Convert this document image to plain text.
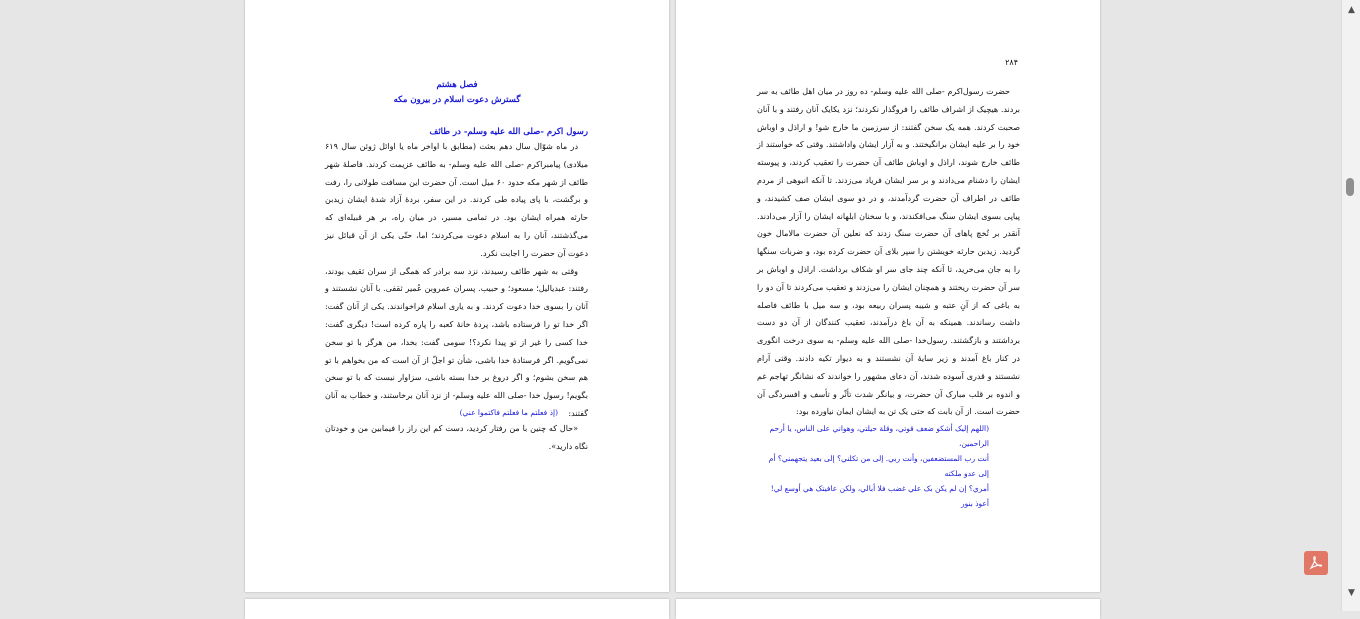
فصل هشتم
گسترش دعوت اسلام در بیرون مکه
رسول اکرم -صلی الله علیه وسلم- در طائف

در ماه شوّال سال دهم بعثت (مطابق با اواخر ماه یا اوائل ژوئن سال ۶۱۹ میلادی) پیامبراکرم -صلی الله علیه وسلم- به طائف عزیمت کردند. فاصلهٔ شهر طائف از شهر مکه حدود ۶۰ میل است. آن حضرت این مسافت طولانی را، رفت و برگشت، با پای پیاده طی کردند. در این سفر، بردهٔ آزاد شدهٔ ایشان زیدبن حارثه همراه ایشان بود. در تمامی مسیر، در میان راه، بر هر قبیله‌ای که می‌گذشتند، آنان را به اسلام دعوت می‌کردند؛ اما، حتّی یکی از آن قبائل نیز دعوت آن حضرت را اجابت نکرد.

وقتی به شهر طائف رسیدند، نزد سه برادر که همگی از سران ثقیف بودند، رفتند: عبدیالیل؛ مسعود؛ و حبیب. پسران عمروبن عُمیر ثقفی. با آنان نشستند و آنان را بسوی خدا دعوت کردند. و به یاری اسلام فراخواندند. یکی از آنان گفت: اگر خدا تو را فرستاده باشد، پردهٔ خانهٔ کعبه را پاره کرده است! دیگری گفت: خدا کسی را غیر از تو پیدا نکرد؟! سومی گفت: بخدا، من هرگز با تو سخن نمی‌گویم. اگر فرستادهٔ خدا باشی، شأن تو اجلّ از آن است که من بخواهم با تو هم سخن بشوم؛ و اگر دروغ بر خدا بسته باشی، سزاوار نیست که با تو سخن بگویم! رسول خدا -صلی الله علیه وسلم- از نزد آنان برخاستند، و خطاب به آنان گفتند:

(إذ فعلتم ما فعلتم فاكتموا عني)

«حال که چنین با من رفتار کردید، دست کم این راز را فیمابین من و خودتان نگاه دارید».‏

۲۸۴

حضرت رسول‌اکرم -صلی الله علیه وسلم- ده روز در میان اهل طائف به سر بردند. هیچیک از اشراف طائف را فروگذار نکردند؛ نزد یکایک آنان رفتند و با آنان صحبت کردند. همه یک سخن گفتند: از سرزمین ما خارج شو! و اراذل و اوباش خود را بر علیه ایشان برانگیختند. و به آزار ایشان واداشتند. وقتی که خواستند از طائف خارج شوند، اراذل و اوباش طائف آن حضرت را تعقیب کردند، و پیوسته ایشان را دشنام می‌دادند و بر سر ایشان فریاد می‌زدند. تا آنکه انبوهی از مردم طائف در اطراف آن حضرت گردآمدند، و در دو سوی ایشان صف کشیدند، و پیاپی بسوی ایشان سنگ می‌افکندند، و با سخنان ابلهانه ایشان را آزار می‌دادند. آنقدر بر تُخچ پاهای آن حضرت سنگ زدند که نعلین آن حضرت مالامال خون گردید. زیدبن حارثه خویشتن را سپر بلای آن حضرت کرده بود، و ضربات سنگها را به جان می‌خرید، تا آنکه چند جای سر او شکاف برداشت. اراذل و اوباش بر سر آن حضرت ریختند و همچنان ایشان را می‌زدند و تعقیب می‌کردند تا آن دو را به باغی که از آنِ عتبه و شیبه پسران ربیعه بود، و سه میل با طائف فاصله داشت رساندند. همینکه به آن باغ درآمدند، تعقیب کنندگان از آن دو دست برداشتند و بازگشتند. رسول‌خدا -صلی الله علیه وسلم- به سوی درخت انگوری در کنار باغ آمدند و زیر سایهٔ آن نشستند و به دیوار تکیه دادند. وقتی آرام نشستند و قدری آسوده شدند، آن دعای مشهور را خواندند که نشانگر تهاجم غم و اندوه بر قلب مبارک آن حضرت، و بیانگر شدت تأثّر و تأسف و افسردگی آن حضرت است. از آن بابت که حتی یک تن به ایشان ایمان نیاورده بود:

(اللهم إليک أشکو ضعف قوتي، وقلة حيلتي، وهواني على الناس، يا أرحم الراحمين،
أنت رب المستضعفين، وأنت ربي. إلى من تکلني؟ إلى بعيد يتجهمني؟ أم إلى عدو ملکته
أمري؟ إن لم يکن بک علي غضب فلا أبالي، ولکن عافيتک هي أوسع لي! أعوذ بنور
▲
▼
